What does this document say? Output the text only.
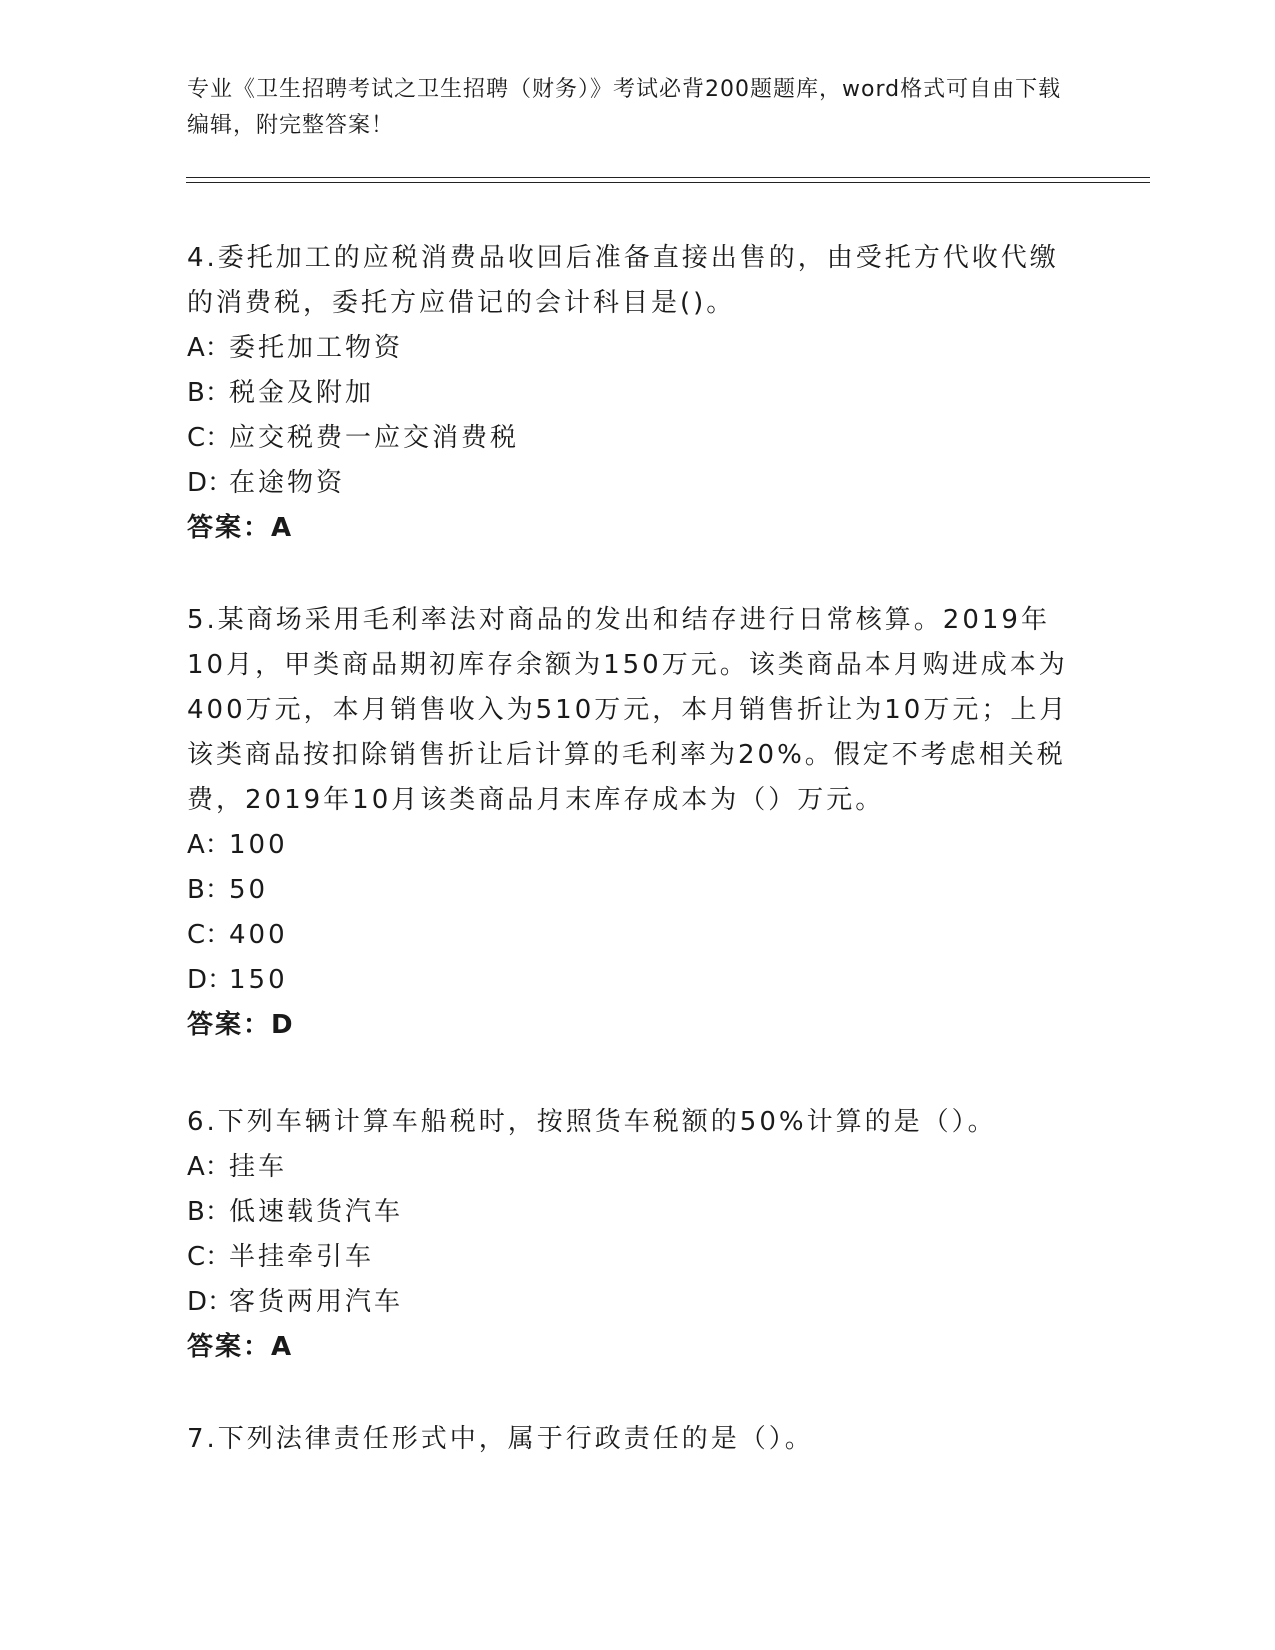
专业《卫生招聘考试之卫生招聘（财务）》考试必背200题题库，word格式可自由下载编辑，附完整答案！

4.委托加工的应税消费品收回后准备直接出售的，由受托方代收代缴的消费税，委托方应借记的会计科目是()。

A：委托加工物资

B：税金及附加

C：应交税费一应交消费税

D：在途物资

答案：A

5.某商场采用毛利率法对商品的发出和结存进行日常核算。2019年10月，甲类商品期初库存余额为150万元。该类商品本月购进成本为400万元，本月销售收入为510万元，本月销售折让为10万元；上月该类商品按扣除销售折让后计算的毛利率为20%。假定不考虑相关税费，2019年10月该类商品月末库存成本为（）万元。

A：100

B：50

C：400

D：150

答案：D

6.下列车辆计算车船税时，按照货车税额的50%计算的是（）。

A：挂车

B：低速载货汽车

C：半挂牵引车

D：客货两用汽车

答案：A

7.下列法律责任形式中，属于行政责任的是（）。
